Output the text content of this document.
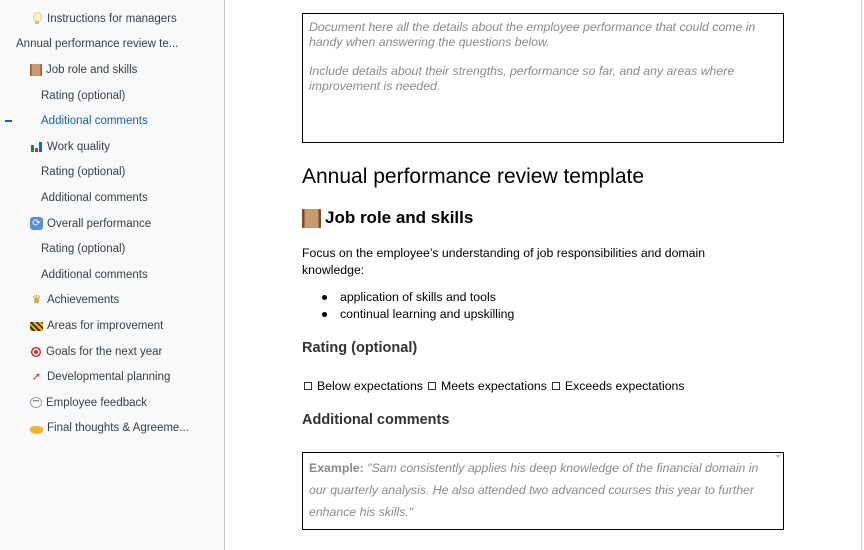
Instructions for managers
Annual performance review te...
Job role and skills
Rating (optional)
Additional comments
Work quality
Rating (optional)
Additional comments
⟳ Overall performance
Rating (optional)
Additional comments
♛ Achievements
Areas for improvement
Goals for the next year
➚ Developmental planning
••• Employee feedback
Final thoughts & Agreeme...

Document here all the details about the employee performance that could come in handy when answering the questions below.

Include details about their strengths, performance so far, and any areas where improvement is needed.

Annual performance review template
Job role and skills

Focus on the employee’s understanding of job responsibilities and domain knowledge:

application of skills and tools
continual learning and upskilling
Rating (optional)
Below expectations Meets expectations Exceeds expectations
Additional comments
Example: "Sam consistently applies his deep knowledge of the financial domain in our quarterly analysis. He also attended two advanced courses this year to further enhance his skills."
